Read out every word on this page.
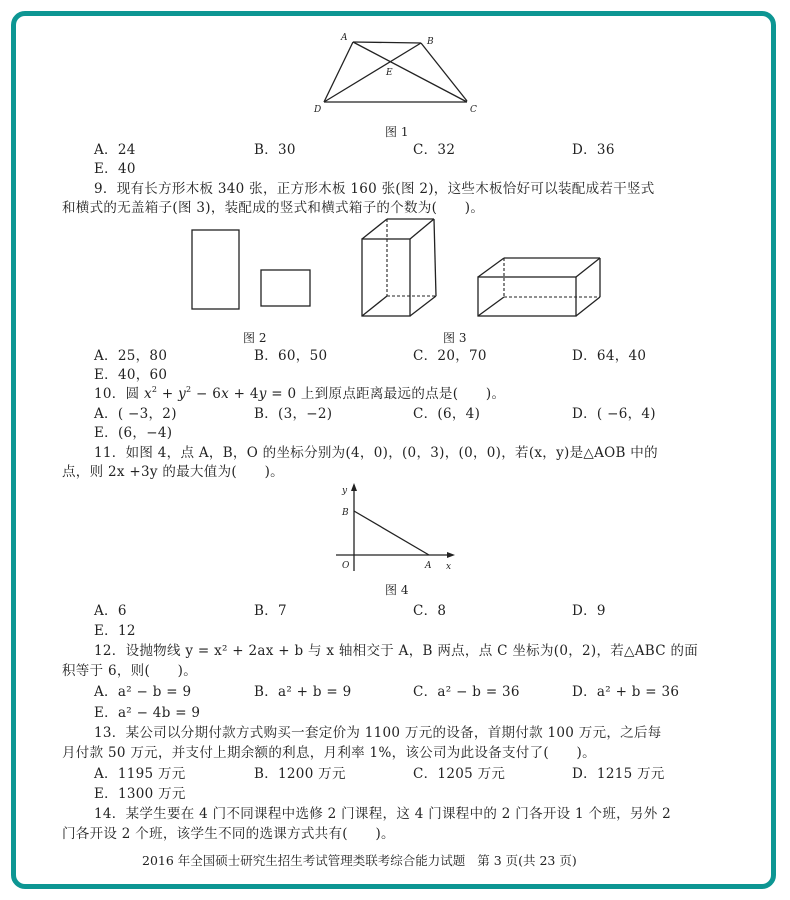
A	B
D	C
E
图 1
A．24	B．30	C．32	D．36
E．40
9．现有长方形木板 340 张，正方形木板 160 张(图 2)，这些木板恰好可以装配成若干竖式
和横式的无盖箱子(图 3)，装配成的竖式和横式箱子的个数为(　　)。
图 2	图 3
A．25，80	B．60，50	C．20，70	D．64，40
E．40，60
10．圆 $x^2 + y^2 - 6x + 4y = 0$ 上到原点距离最远的点是(　　)。
A．( −3，2)	B．(3，−2)	C．(6，4)	D．( −6，4)
E．(6，−4)
11．如图 4，点 A，B，O 的坐标分别为(4，0)，(0，3)，(0，0)，若(x，y)是△AOB 中的
点，则 2x +3y 的最大值为(　　)。
y
B
O	A x
图 4
A．6	B．7	C．8	D．9
E．12
12．设抛物线 y = x² + 2ax + b 与 x 轴相交于 A，B 两点，点 C 坐标为(0，2)，若△ABC 的面
积等于 6，则(　　)。
A．a² − b = 9	B．a² + b = 9	C．a² − b = 36	D．a² + b = 36
E．a² − 4b = 9
13．某公司以分期付款方式购买一套定价为 1100 万元的设备，首期付款 100 万元，之后每
月付款 50 万元，并支付上期余额的利息，月利率 1%，该公司为此设备支付了(　　)。
A．1195 万元	B．1200 万元	C．1205 万元	D．1215 万元
E．1300 万元
14．某学生要在 4 门不同课程中选修 2 门课程，这 4 门课程中的 2 门各开设 1 个班，另外 2
门各开设 2 个班，该学生不同的选课方式共有(　　)。
2016 年全国硕士研究生招生考试管理类联考综合能力试题 第 3 页(共 23 页)
